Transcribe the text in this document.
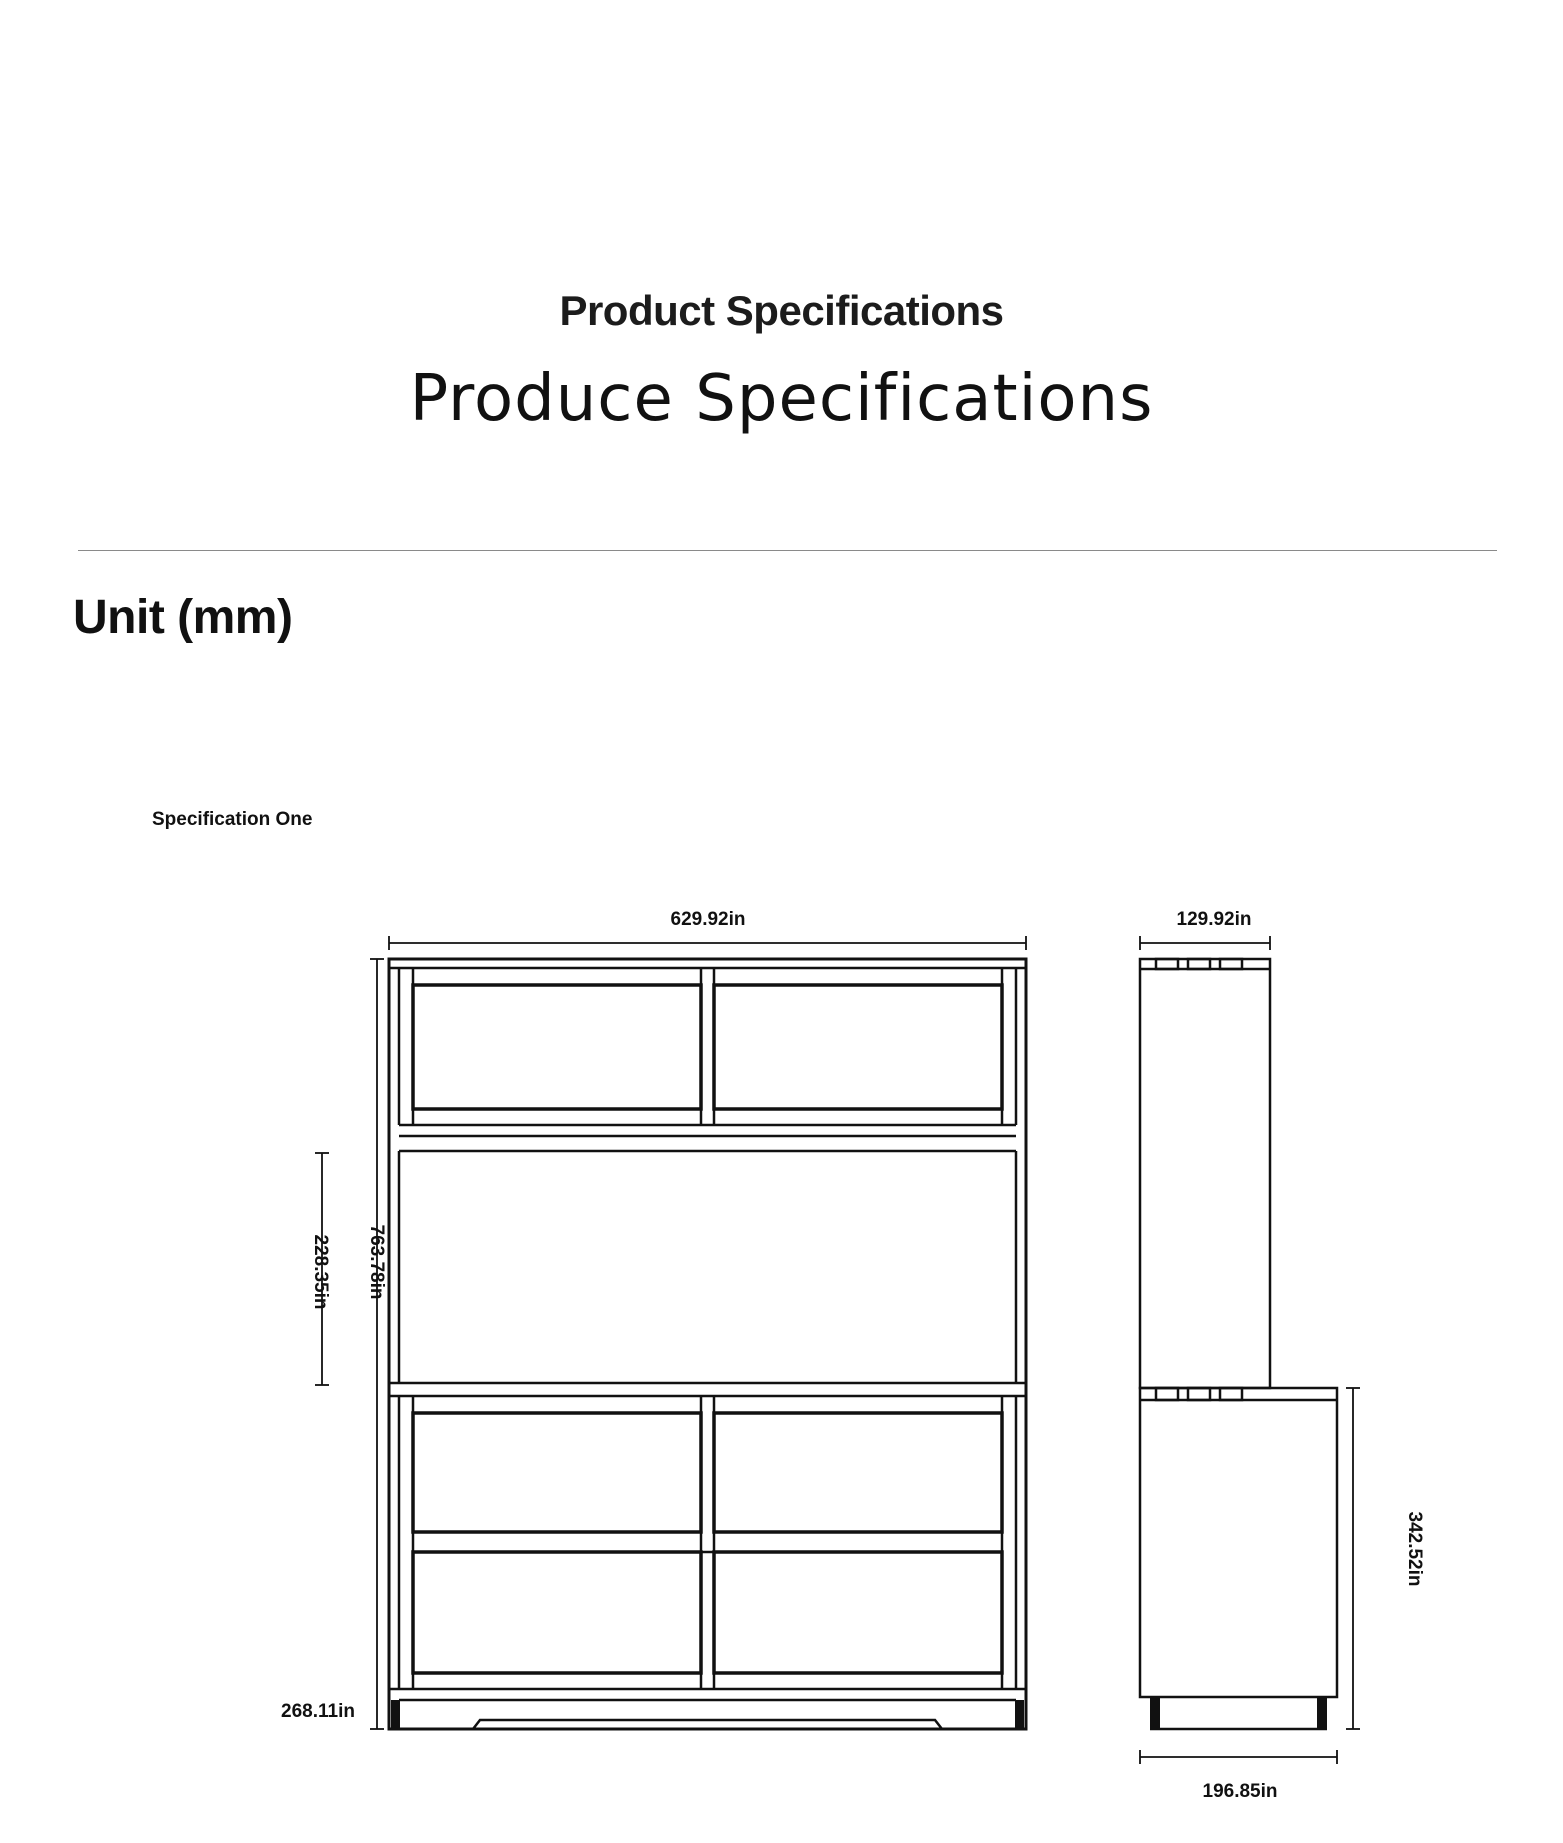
Product Specifications
Produce Specifications
Unit (mm)
Specification One
629.92in	129.92in
763.78in
228.35in
342.52in
268.11in
196.85in
